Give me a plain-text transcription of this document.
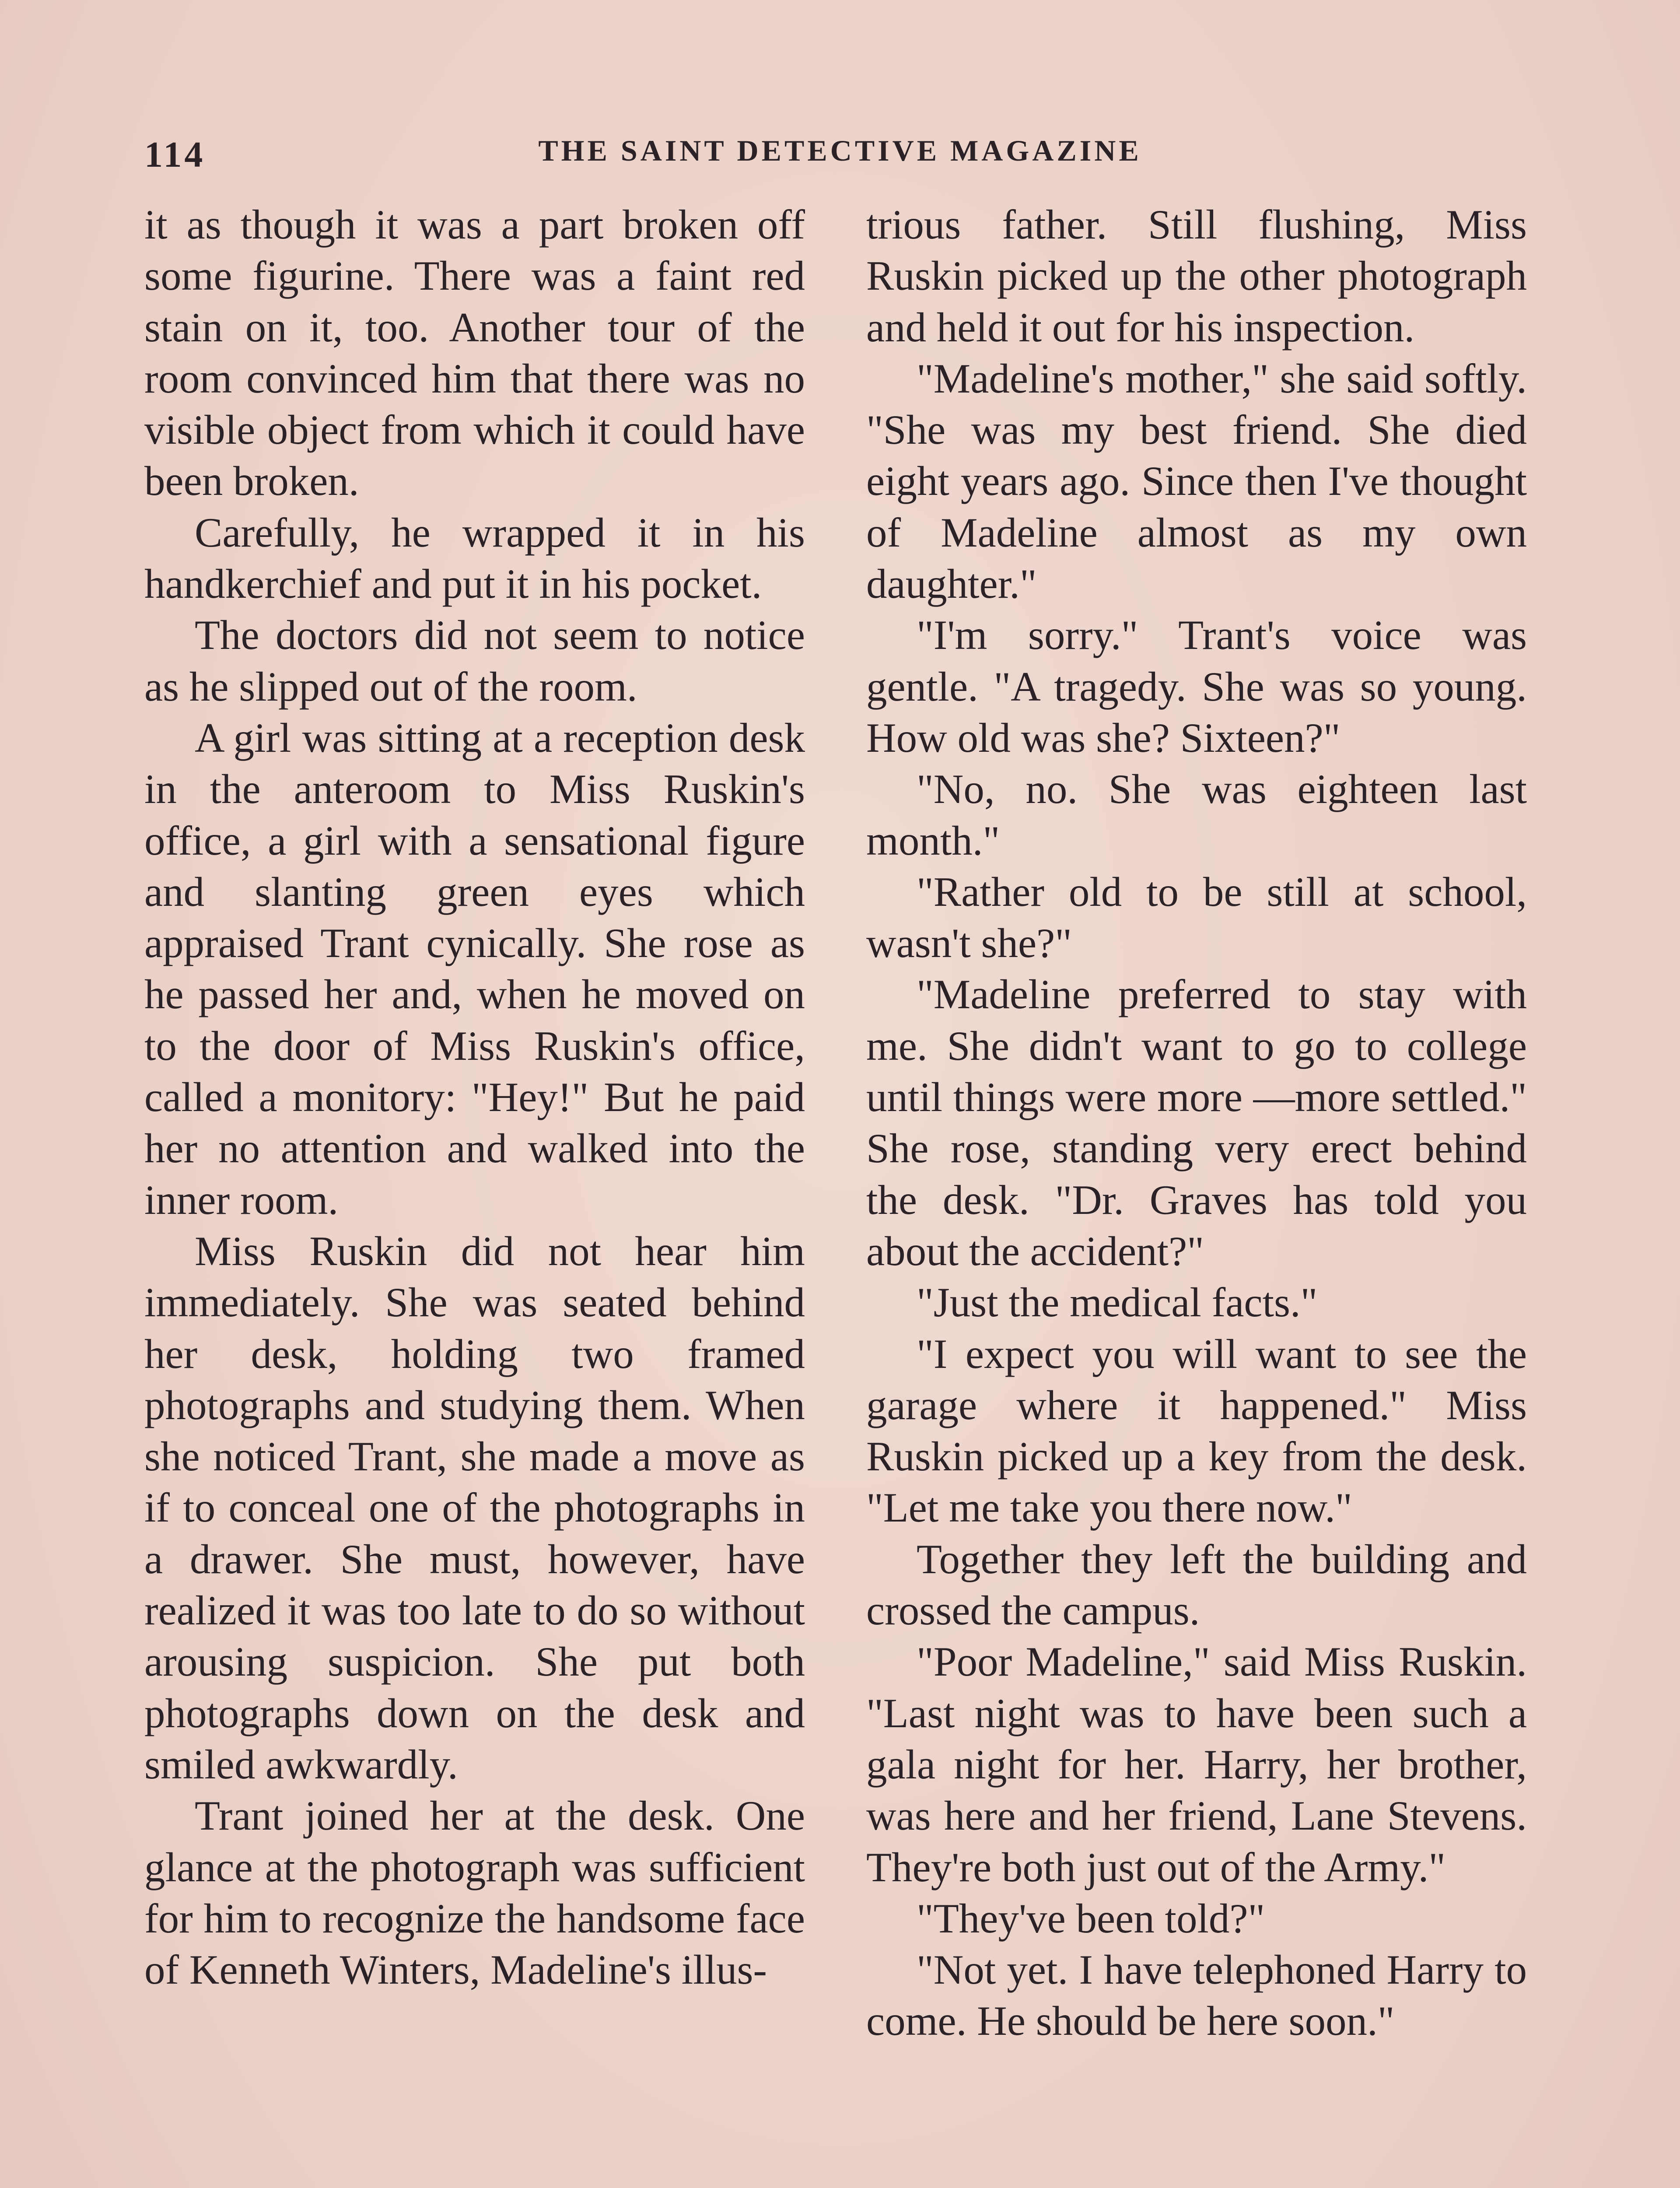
114	THE SAINT DETECTIVE MAGAZINE

it as though it was a part broken off some figurine. There was a faint red stain on it, too. Another tour of the room convinced him that there was no visible object from which it could have been broken.

Carefully, he wrapped it in his handkerchief and put it in his pocket.

The doctors did not seem to notice as he slipped out of the room.

A girl was sitting at a reception desk in the anteroom to Miss Ruskin's office, a girl with a sensational figure and slanting green eyes which appraised Trant cynically. She rose as he passed her and, when he moved on to the door of Miss Ruskin's office, called a monitory: "Hey!" But he paid her no attention and walked into the inner room.

Miss Ruskin did not hear him immediately. She was seated behind her desk, holding two framed photographs and studying them. When she noticed Trant, she made a move as if to conceal one of the photographs in a drawer. She must, however, have realized it was too late to do so without arousing suspicion. She put both photographs down on the desk and smiled awkwardly.

Trant joined her at the desk. One glance at the photograph was sufficient for him to recognize the handsome face of Kenneth Winters, Madeline's illus-

trious father. Still flushing, Miss Ruskin picked up the other photograph and held it out for his inspection.

"Madeline's mother," she said softly. "She was my best friend. She died eight years ago. Since then I've thought of Madeline almost as my own daughter."

"I'm sorry." Trant's voice was gentle. "A tragedy. She was so young. How old was she? Sixteen?"

"No, no. She was eighteen last month."

"Rather old to be still at school, wasn't she?"

"Madeline preferred to stay with me. She didn't want to go to college until things were more —more settled." She rose, standing very erect behind the desk. "Dr. Graves has told you about the accident?"

"Just the medical facts."

"I expect you will want to see the garage where it happened." Miss Ruskin picked up a key from the desk. "Let me take you there now."

Together they left the building and crossed the campus.

"Poor Madeline," said Miss Ruskin. "Last night was to have been such a gala night for her. Harry, her brother, was here and her friend, Lane Stevens. They're both just out of the Army."

"They've been told?"

"Not yet. I have telephoned Harry to come. He should be here soon."
